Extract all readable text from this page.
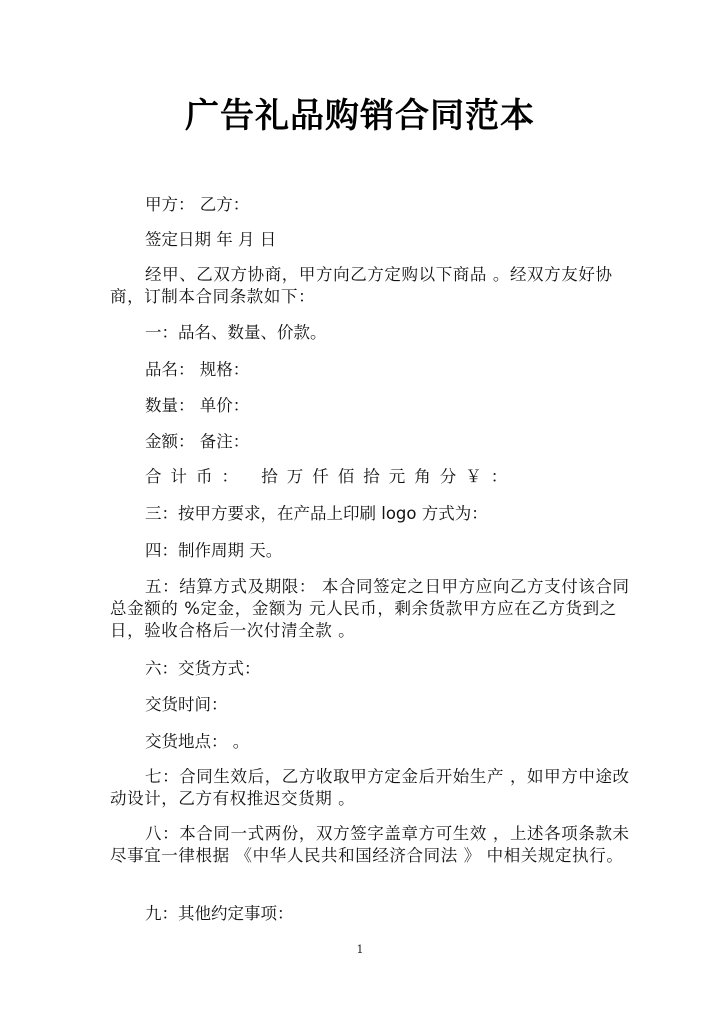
广告礼品购销合同范本
甲方： 乙方：
签定日期 年 月 日
经甲、乙双方协商，甲方向乙方定购以下商品 。经双方友好协商，订制本合同条款如下：
一：品名、数量、价款。
品名： 规格：
数量： 单价：
金额： 备注：
合计币： 拾万仟佰拾元角分￥：
三：按甲方要求，在产品上印刷 logo 方式为：
四：制作周期 天。
五：结算方式及期限： 本合同签定之日甲方应向乙方支付该合同总金额的 %定金，金额为 元人民币，剩余货款甲方应在乙方货到之日，验收合格后一次付清全款 。
六：交货方式：
交货时间：
交货地点： 。
七：合同生效后，乙方收取甲方定金后开始生产 ，如甲方中途改动设计，乙方有权推迟交货期 。
八：本合同一式两份，双方签字盖章方可生效 ，上述各项条款未尽事宜一律根据 《中华人民共和国经济合同法 》 中相关规定执行。
九：其他约定事项：
1
